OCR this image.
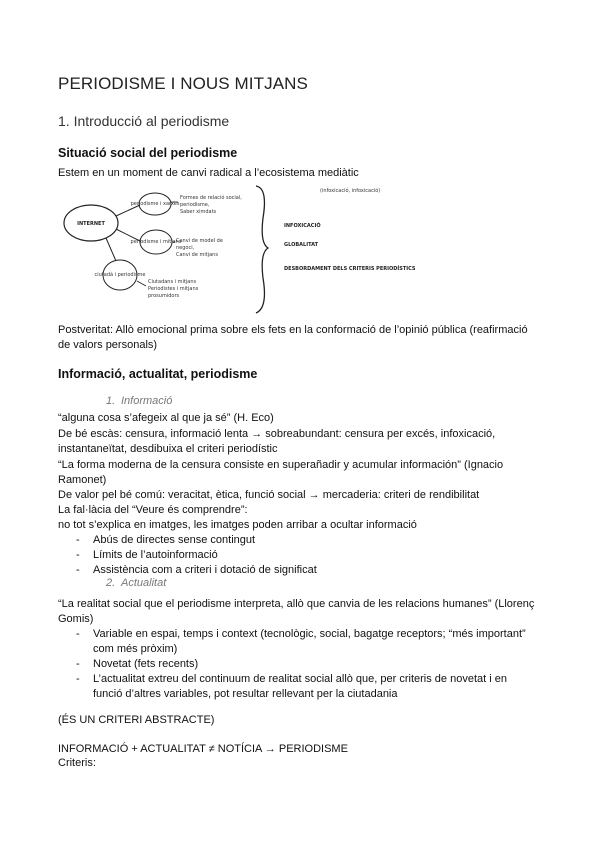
PERIODISME I NOUS MITJANS
1. Introducció al periodisme
Situació social del periodisme
Estem en un moment de canvi radical a l’ecosistema mediàtic
INTERNET
periodisme i xarxes
periodisme i mitjans
ciutadà i periodisme
Formes de relació social,
periodisme,
Saber ximdats
Canvi de model de
negoci,
Canvi de mitjans
Ciutadans i mitjans
Periodistes i mitjans
prosumidors
(infoxicació, infoxicació)
INFOXICACIÓ
GLOBALITAT
DESBORDAMENT DELS CRITERIS PERIODÍSTICS
Postveritat: Allò emocional prima sobre els fets en la conformació de l’opinió pública (reafirmació
de valors personals)
Informació, actualitat, periodisme
1. Informació
“alguna cosa s’afegeix al que ja sé” (H. Eco)
De bé escàs: censura, informació lenta → sobreabundant: censura per excés, infoxicació,
instantaneïtat, desdibuixa el criteri periodístic
“La forma moderna de la censura consiste en superañadir y acumular información” (Ignacio
Ramonet)
De valor pel bé comú: veracitat, ètica, funció social → mercaderia: criteri de rendibilitat
La fal·làcia del “Veure és comprendre”:
no tot s’explica en imatges, les imatges poden arribar a ocultar informació
- Abús de directes sense contingut
- Límits de l’autoinformació
- Assistència com a criteri i dotació de significat
2. Actualitat
“La realitat social que el periodisme interpreta, allò que canvia de les relacions humanes” (Llorenç
Gomis)
- Variable en espai, temps i context (tecnològic, social, bagatge receptors; “més important”
com més pròxim)
- Novetat (fets recents)
- L’actualitat extreu del continuum de realitat social allò que, per criteris de novetat i en
funció d’altres variables, pot resultar rellevant per la ciutadania
(ÉS UN CRITERI ABSTRACTE)
INFORMACIÓ + ACTUALITAT ≠ NOTÍCIA → PERIODISME
Criteris:
